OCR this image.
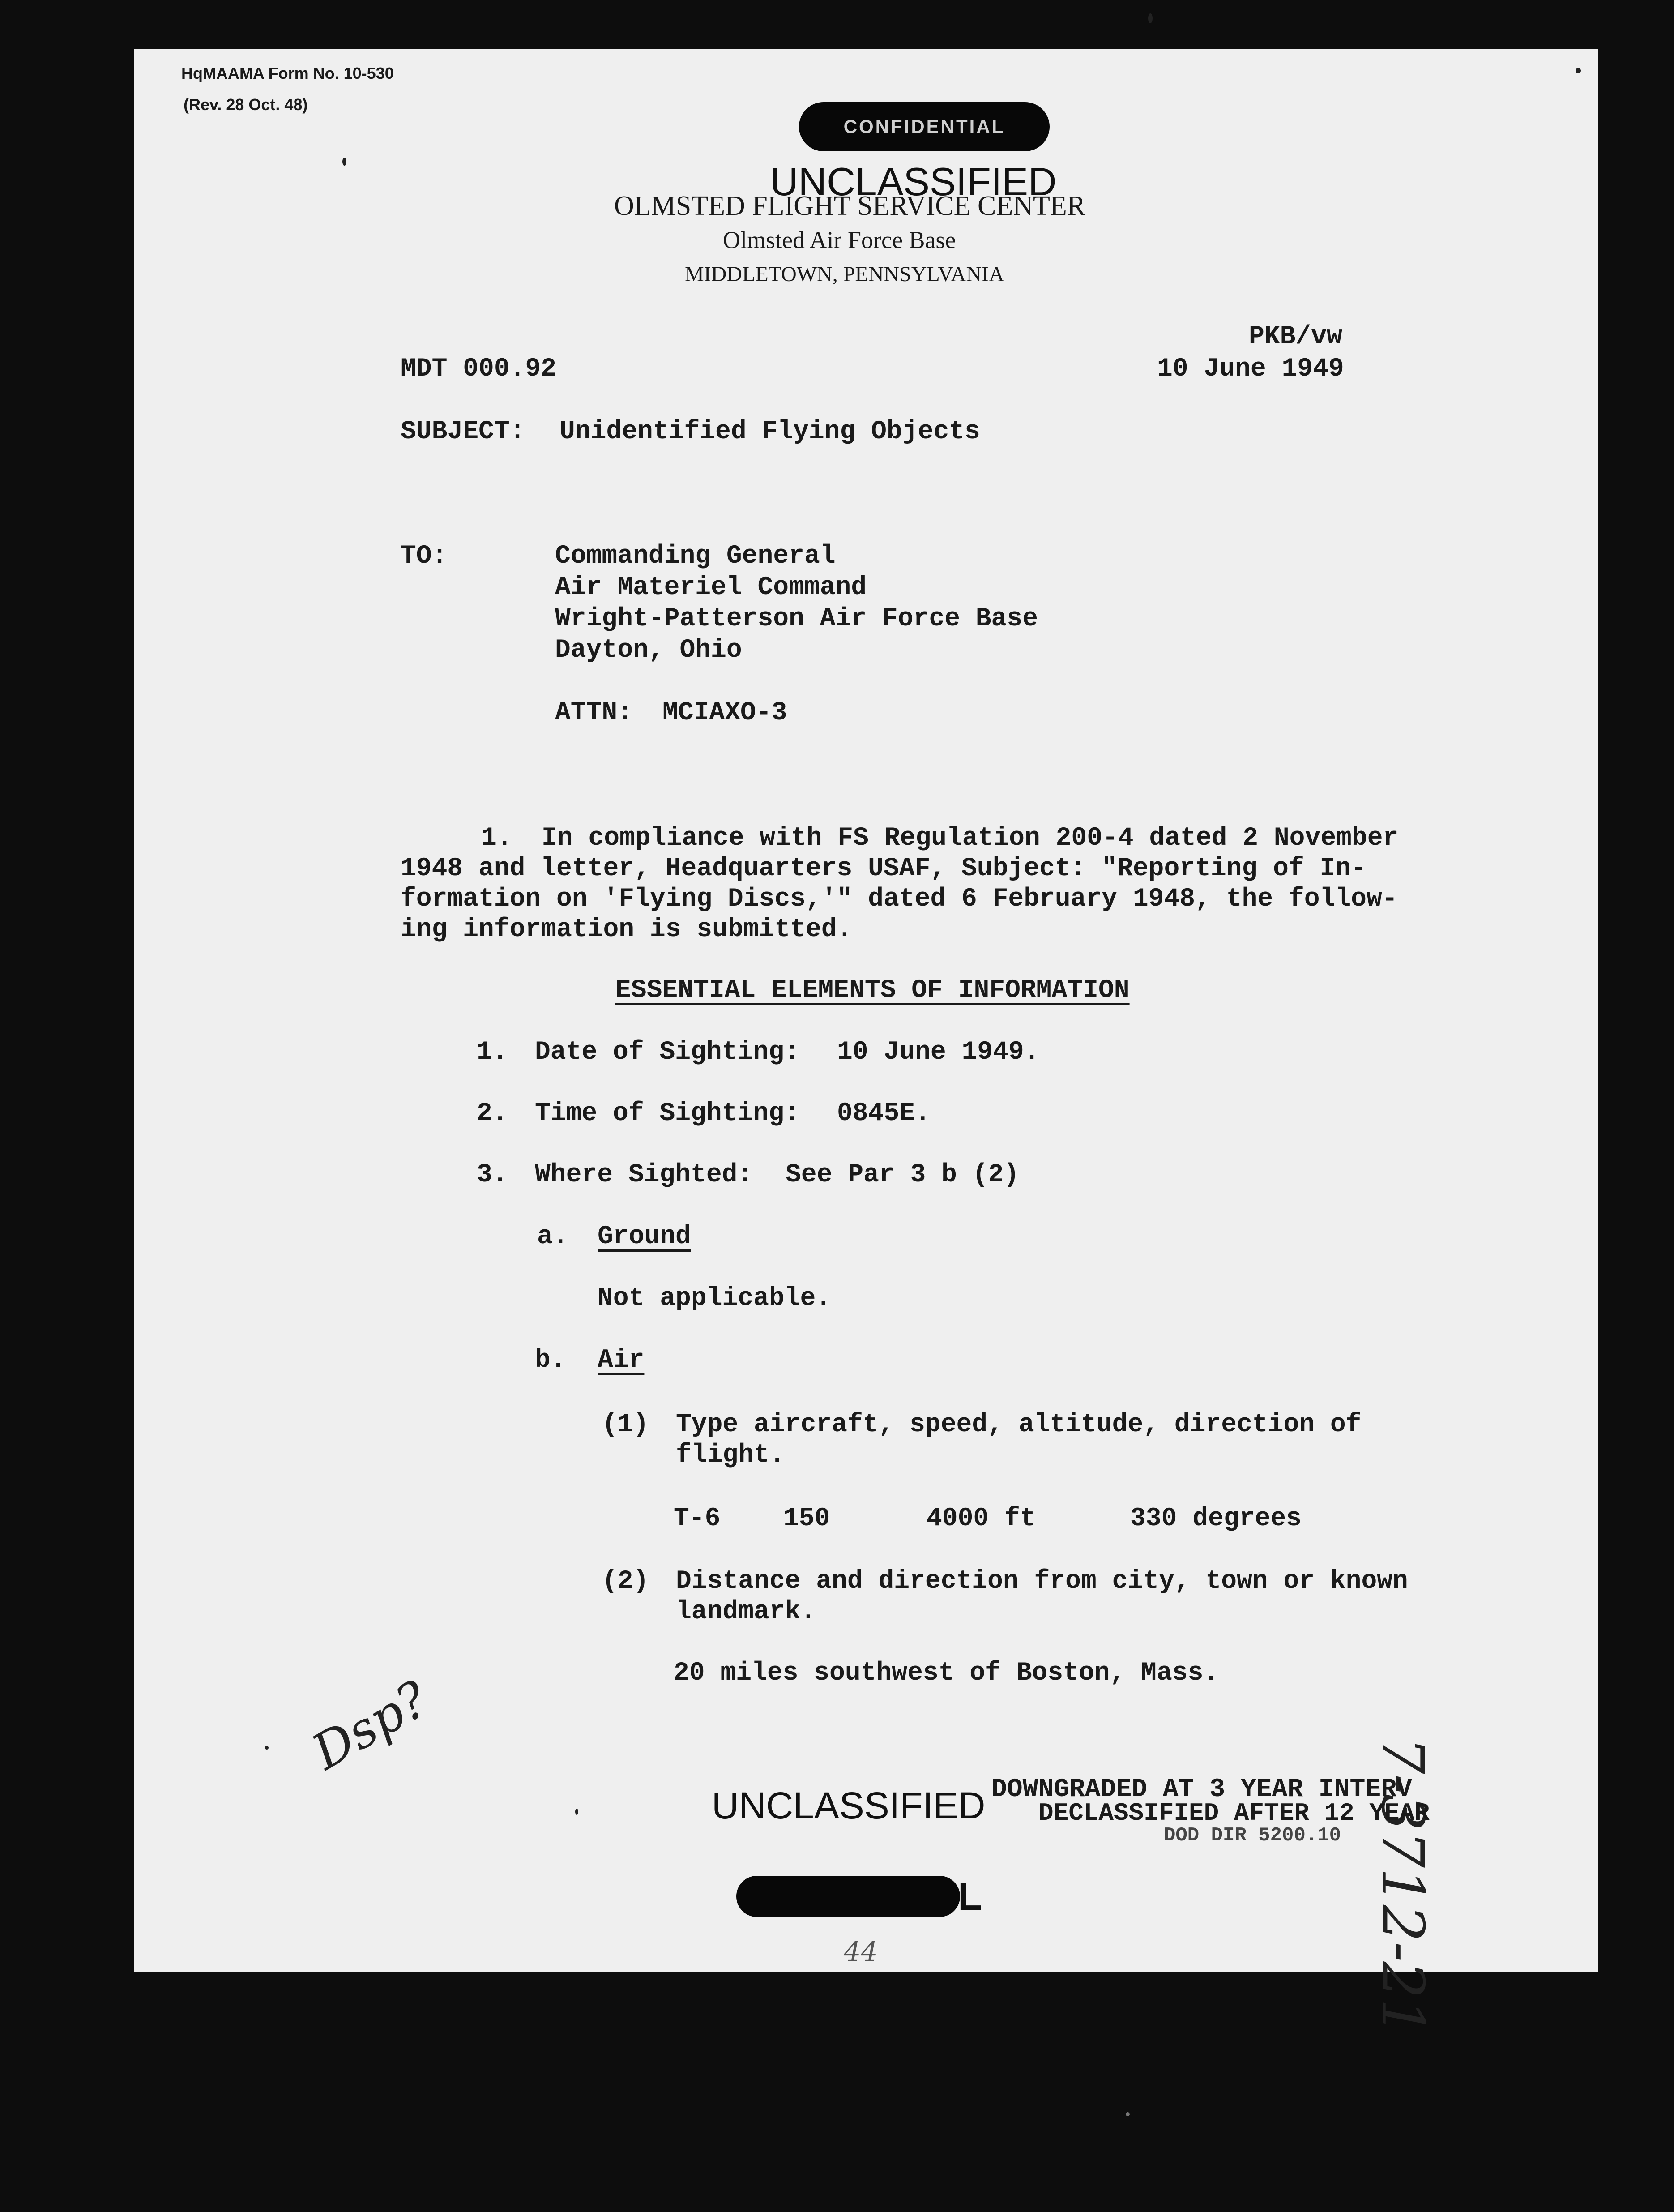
HqMAAMA Form No. 10-530
(Rev. 28 Oct. 48)
CONFIDENTIAL
UNCLASSIFIED
OLMSTED FLIGHT SERVICE CENTER
Olmsted Air Force Base
MIDDLETOWN, PENNSYLVANIA
PKB/vw
MDT 000.92	10 June 1949
SUBJECT: Unidentified Flying Objects
TO:	Commanding General
Air Materiel Command
Wright-Patterson Air Force Base
Dayton, Ohio
ATTN: MCIAXO-3
1. In compliance with FS Regulation 200-4 dated 2 November
1948 and letter, Headquarters USAF, Subject: "Reporting of In-
formation on 'Flying Discs,'" dated 6 February 1948, the follow-
ing information is submitted.
ESSENTIAL ELEMENTS OF INFORMATION
1. Date of Sighting: 10 June 1949.
2. Time of Sighting: 0845E.
3. Where Sighted: See Par 3 b (2)
a. Ground
Not applicable.
b. Air
(1) Type aircraft, speed, altitude, direction of
flight.
T-6 150	4000 ft	330 degrees
(2) Distance and direction from city, town or known
landmark.
20 miles southwest of Boston, Mass.
Dsp?
7-3712-21
44
DOWNGRADED AT 3 YEAR INTERV
DECLASSIFIED AFTER 12 YEAR
DOD DIR 5200.10
UNCLASSIFIED
L
